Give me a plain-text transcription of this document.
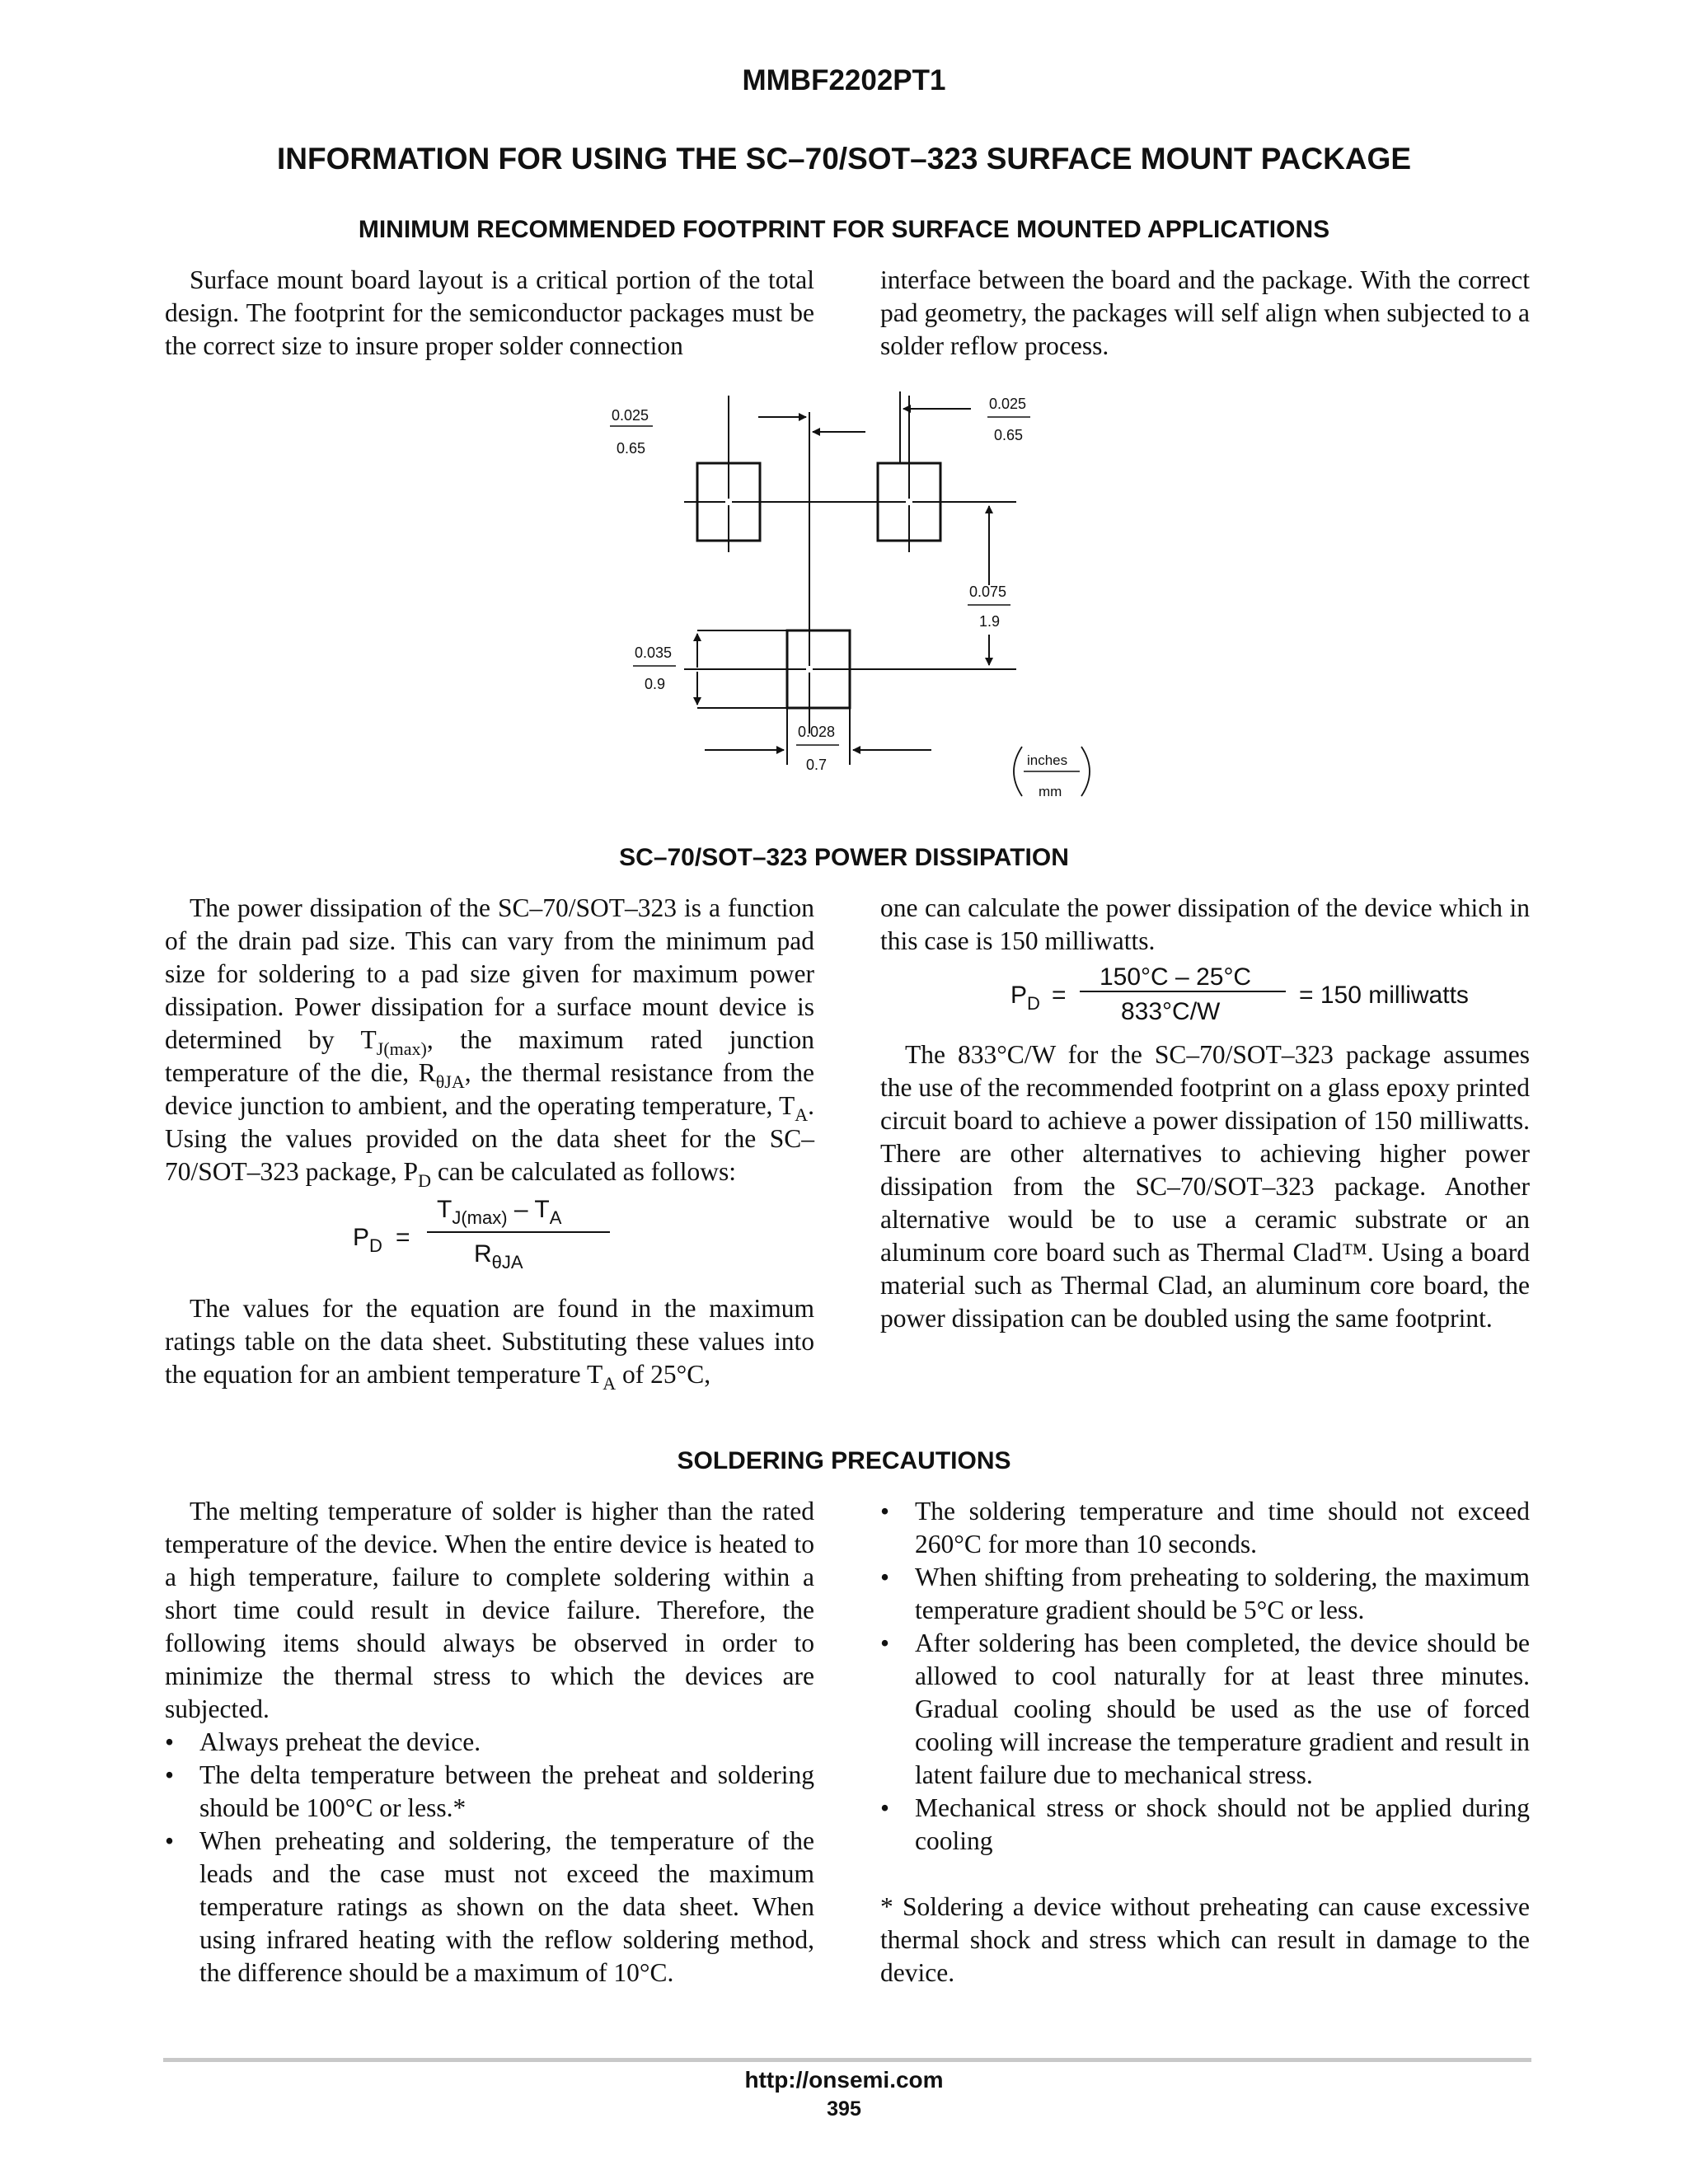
MMBF2202PT1
INFORMATION FOR USING THE SC–70/SOT–323 SURFACE MOUNT PACKAGE
MINIMUM RECOMMENDED FOOTPRINT FOR SURFACE MOUNTED APPLICATIONS

Surface mount board layout is a critical portion of the total design. The footprint for the semiconductor packages must be the correct size to insure proper solder connection

interface between the board and the package. With the correct pad geometry, the packages will self align when subjected to a solder reflow process.

0.025
0.65
0.025
0.65
0.075
1.9
0.035
0.9
0.028
0.7	inches
mm
SC–70/SOT–323 POWER DISSIPATION

The power dissipation of the SC–70/SOT–323 is a function of the drain pad size. This can vary from the minimum pad size for soldering to a pad size given for maximum power dissipation. Power dissipation for a surface mount device is determined by $T_{J(max)}$, the maximum rated junction temperature of the die, $R_{\theta JA}$, the thermal resistance from the device junction to ambient, and the operating temperature, $T_A$. Using the values provided on the data sheet for the SC–70/SOT–323 package, $P_D$ can be calculated as follows:

$P_D$ =
$T_{J(max)} - T_A$
$R_{\theta JA}$

The values for the equation are found in the maximum ratings table on the data sheet. Substituting these values into the equation for an ambient temperature $T_A$ of 25°C,

one can calculate the power dissipation of the device which in this case is 150 milliwatts.

$P_D$ =
150°C – 25°C
833°C/W
= 150 milliwatts

The 833°C/W for the SC–70/SOT–323 package assumes the use of the recommended footprint on a glass epoxy printed circuit board to achieve a power dissipation of 150 milliwatts. There are other alternatives to achieving higher power dissipation from the SC–70/SOT–323 package. Another alternative would be to use a ceramic substrate or an aluminum core board such as Thermal Clad™. Using a board material such as Thermal Clad, an aluminum core board, the power dissipation can be doubled using the same footprint.

SOLDERING PRECAUTIONS

The melting temperature of solder is higher than the rated temperature of the device. When the entire device is heated to a high temperature, failure to complete soldering within a short time could result in device failure. Therefore, the following items should always be observed in order to minimize the thermal stress to which the devices are subjected.

• Always preheat the device.
• The delta temperature between the preheat and soldering should be 100°C or less.*
• When preheating and soldering, the temperature of the leads and the case must not exceed the maximum temperature ratings as shown on the data sheet. When using infrared heating with the reflow soldering method, the difference should be a maximum of 10°C.
• The soldering temperature and time should not exceed 260°C for more than 10 seconds.
• When shifting from preheating to soldering, the maximum temperature gradient should be 5°C or less.
• After soldering has been completed, the device should be allowed to cool naturally for at least three minutes. Gradual cooling should be used as the use of forced cooling will increase the temperature gradient and result in latent failure due to mechanical stress.
• Mechanical stress or shock should not be applied during cooling

* Soldering a device without preheating can cause excessive thermal shock and stress which can result in damage to the device.

http://onsemi.com
395
